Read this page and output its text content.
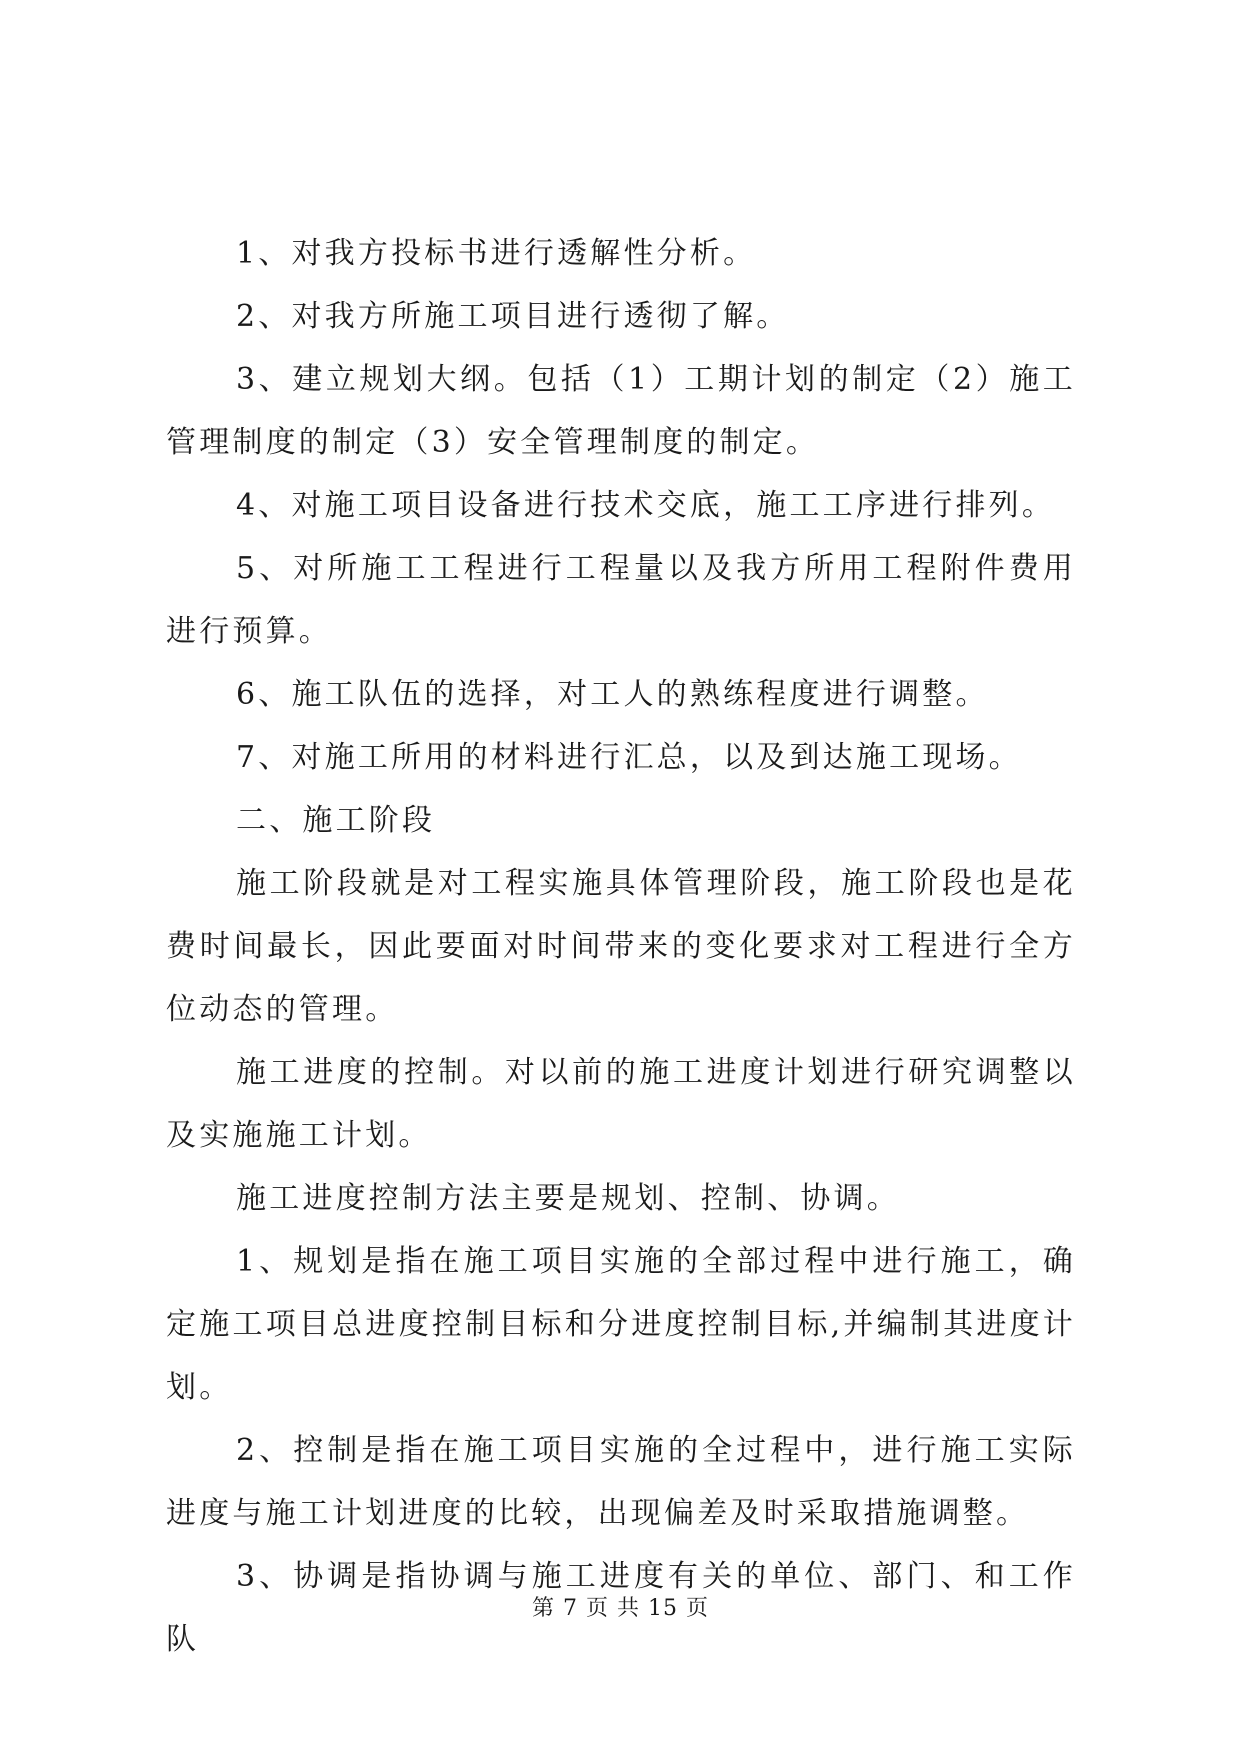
1、对我方投标书进行透解性分析。

2、对我方所施工项目进行透彻了解。

3、建立规划大纲。包括（1）工期计划的制定（2）施工管理制度的制定（3）安全管理制度的制定。

4、对施工项目设备进行技术交底，施工工序进行排列。

5、对所施工工程进行工程量以及我方所用工程附件费用进行预算。

6、施工队伍的选择，对工人的熟练程度进行调整。

7、对施工所用的材料进行汇总，以及到达施工现场。

二、施工阶段

施工阶段就是对工程实施具体管理阶段，施工阶段也是花费时间最长，因此要面对时间带来的变化要求对工程进行全方位动态的管理。

施工进度的控制。对以前的施工进度计划进行研究调整以及实施施工计划。

施工进度控制方法主要是规划、控制、协调。

1、规划是指在施工项目实施的全部过程中进行施工，确定施工项目总进度控制目标和分进度控制目标,并编制其进度计划。

2、控制是指在施工项目实施的全过程中，进行施工实际进度与施工计划进度的比较，出现偏差及时采取措施调整。

3、协调是指协调与施工进度有关的单位、部门、和工作队

第 7 页 共 15 页
